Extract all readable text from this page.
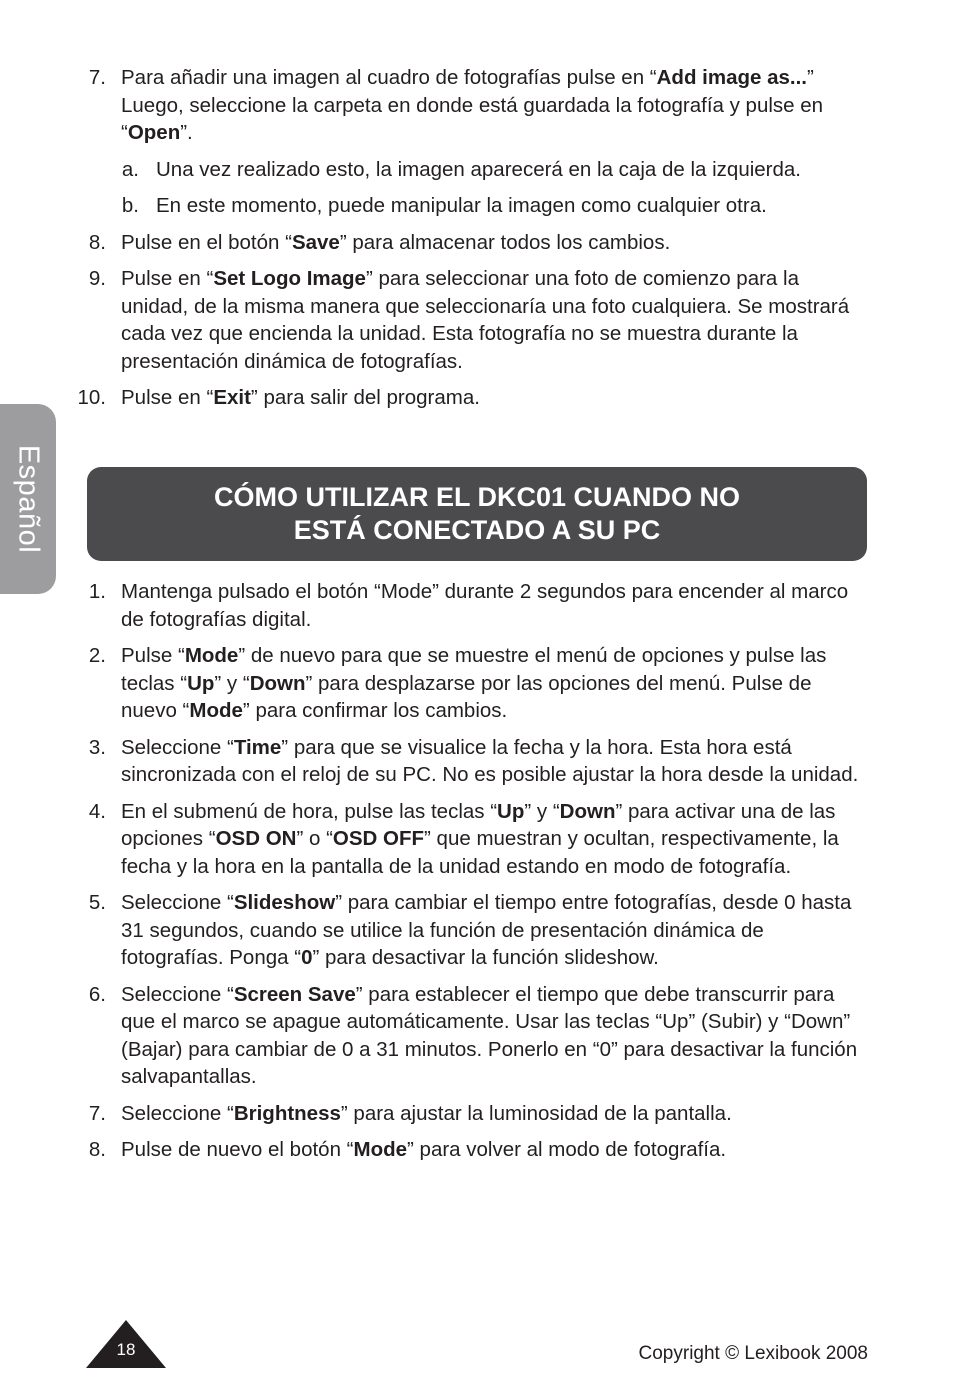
Español
1. 7. Para añadir una imagen al cuadro de fotografías pulse en “Add image as...” Luego, seleccione la carpeta en donde está guardada la fotografía y pulse en “Open”.
2. a. Una vez realizado esto, la imagen aparecerá en la caja de la izquierda.
3. b. En este momento, puede manipular la imagen como cualquier otra.
4. 8. Pulse en el botón “Save” para almacenar todos los cambios.
5. 9. Pulse en “Set Logo Image” para seleccionar una foto de comienzo para la unidad, de la misma manera que seleccionaría una foto cualquiera. Se mostrará cada vez que encienda la unidad. Esta fotografía no se muestra durante la presentación dinámica de fotografías.
6. 10. Pulse en “Exit” para salir del programa.
CÓMO UTILIZAR EL DKC01 CUANDO NO
ESTÁ CONECTADO A SU PC
1. 1. Mantenga pulsado el botón “Mode” durante 2 segundos para encender al marco de fotografías digital.
2. 2. Pulse “Mode” de nuevo para que se muestre el menú de opciones y pulse las teclas “Up” y “Down” para desplazarse por las opciones del menú. Pulse de nuevo “Mode” para confirmar los cambios.
3. 3. Seleccione “Time” para que se visualice la fecha y la hora. Esta hora está sincronizada con el reloj de su PC. No es posible ajustar la hora desde la unidad.
4. 4. En el submenú de hora, pulse las teclas “Up” y “Down” para activar una de las opciones “OSD ON” o “OSD OFF” que muestran y ocultan, respectivamente, la fecha y la hora en la pantalla de la unidad estando en modo de fotografía.
5. 5. Seleccione “Slideshow” para cambiar el tiempo entre fotografías, desde 0 hasta 31 segundos, cuando se utilice la función de presentación dinámica de fotografías. Ponga “0” para desactivar la función slideshow.
6. 6. Seleccione “Screen Save” para establecer el tiempo que debe transcurrir para que el marco se apague automáticamente. Usar las teclas “Up” (Subir) y “Down” (Bajar) para cambiar de 0 a 31 minutos. Ponerlo en “0” para desactivar la función salvapantallas.
7. 7. Seleccione “Brightness” para ajustar la luminosidad de la pantalla.
8. 8. Pulse de nuevo el botón “Mode” para volver al modo de fotografía.
18	Copyright © Lexibook 2008
